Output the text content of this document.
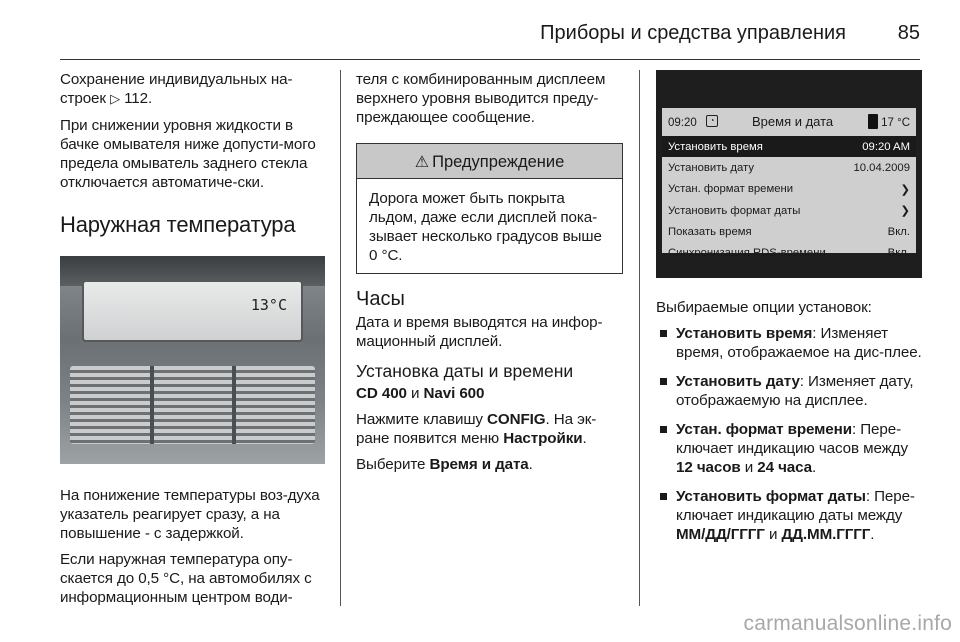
Приборы и средства управления	85

Сохранение индивидуальных на-строек ▷ 112.

При снижении уровня жидкости в бачке омывателя ниже допусти-мого предела омыватель заднего стекла отключается автоматиче-ски.

Наружная температура
13°C

На понижение температуры воз-духа указатель реагирует сразу, а на повышение - с задержкой.

Если наружная температура опу-скается до 0,5 °C, на автомобилях с информационным центром води-

теля с комбинированным дисплеем верхнего уровня выводится преду-преждающее сообщение.

⚠ Предупреждение

Дорога может быть покрыта льдом, даже если дисплей пока-зывает несколько градусов выше 0 °C.

Часы

Дата и время выводятся на инфор-мационный дисплей.

Установка даты и времени

CD 400 и Navi 600

Нажмите клавишу CONFIG. На эк-ране появится меню Настройки.

Выберите Время и дата.

09:20	◔	Время и дата	17 °C
Установить время	09:20 AM
Установить дату	10.04.2009
Устан. формат времени	❯
Установить формат даты	❯
Показать время	Вкл.
Синхронизация RDS-времени	Вкл.

Выбираемые опции установок:

Установить время: Изменяет время, отображаемое на дис-плее.
Установить дату: Изменяет дату, отображаемую на дисплее.
Устан. формат времени: Пере-ключает индикацию часов между 12 часов и 24 часа.
Установить формат даты: Пере-ключает индикацию даты между ММ/ДД/ГГГГ и ДД.ММ.ГГГГ.
carmanualsonline.info
